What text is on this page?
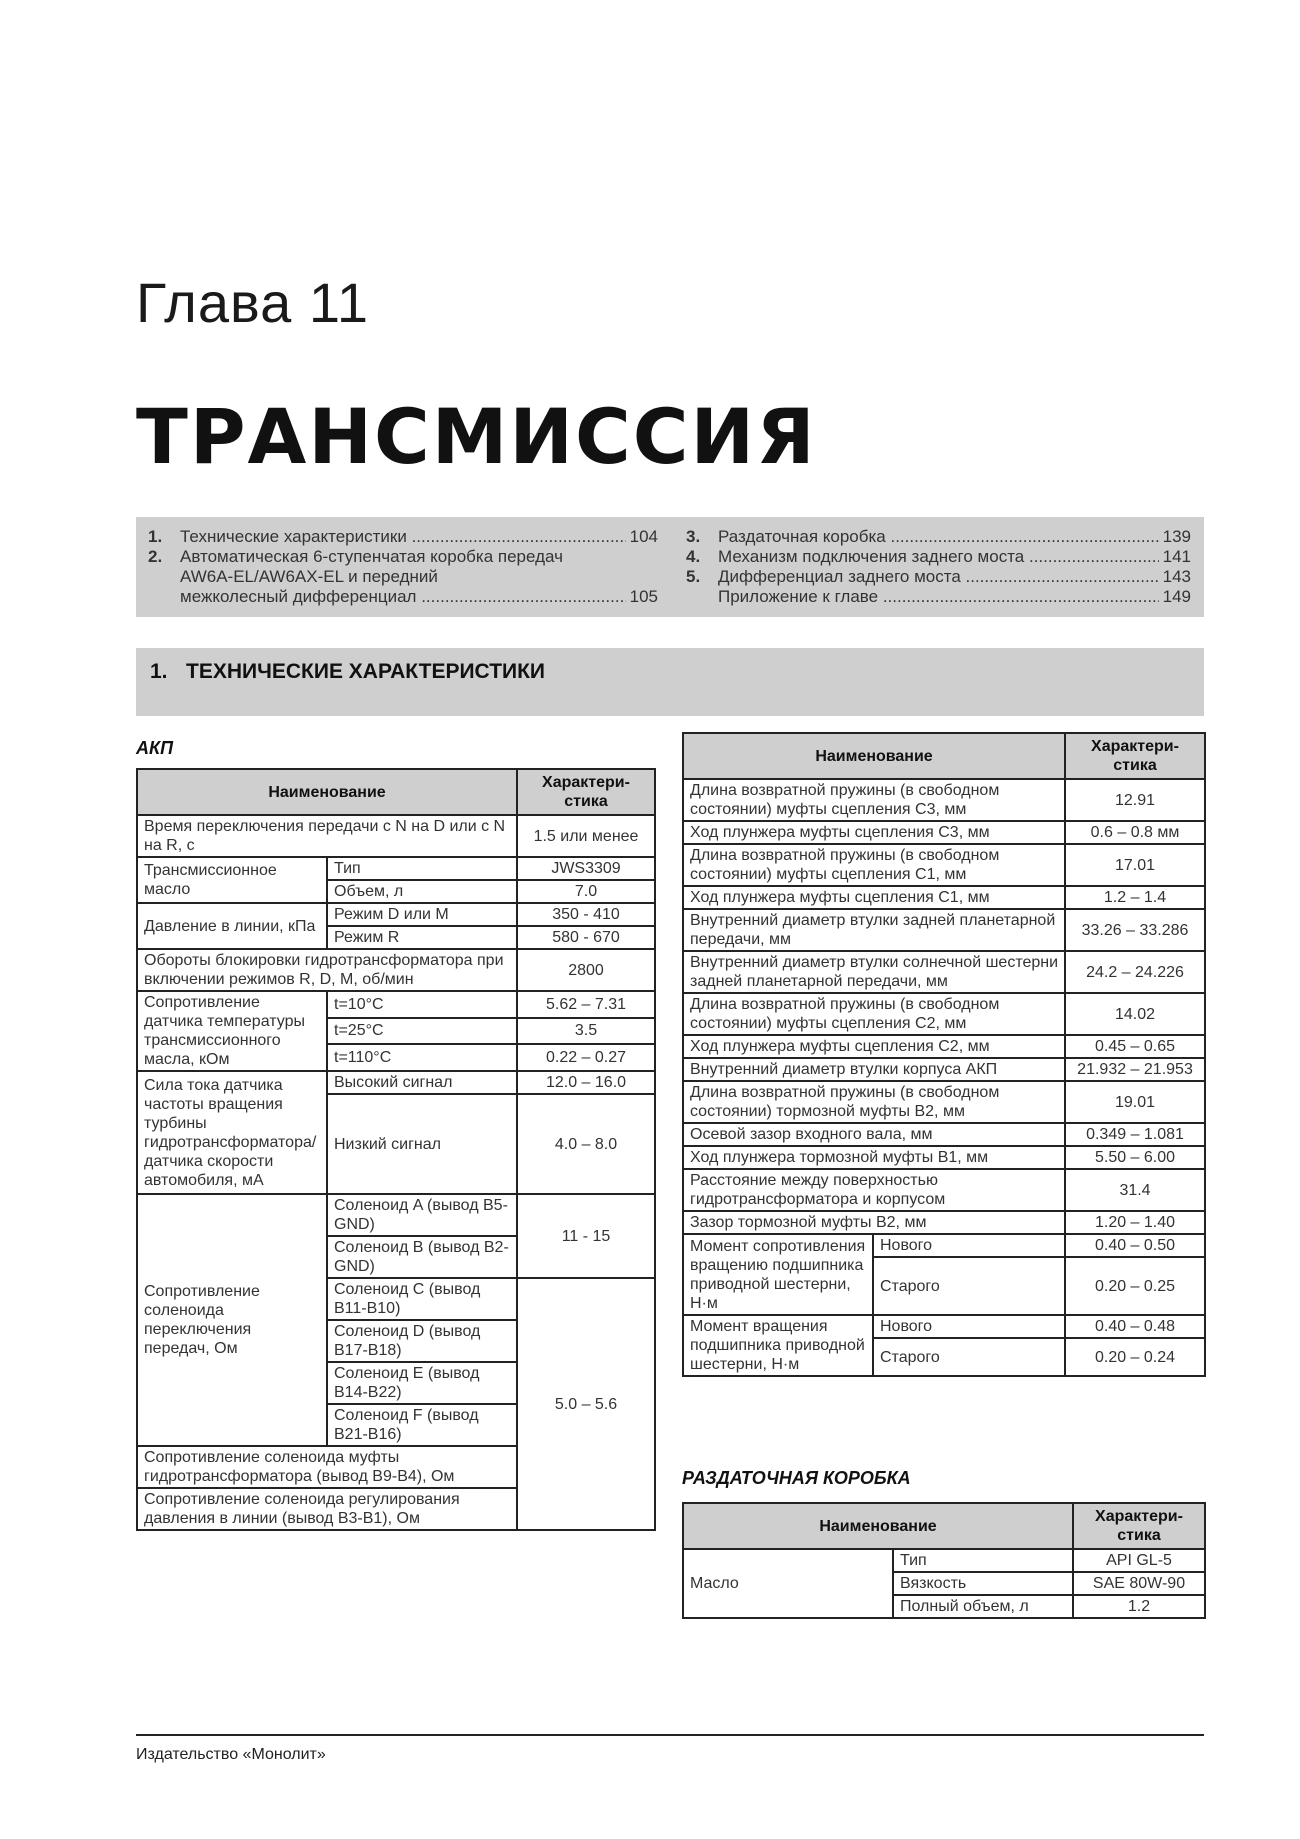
Глава 11
ТРАНСМИССИЯ
1.	Технические характеристики .....	104
2.	Автоматическая 6-ступенчатая коробка передач
AW6A-EL/AW6AX-EL и передний
межколесный дифференциал .....	105
3.	Раздаточная коробка .....	139
4.	Механизм подключения заднего моста .....	141
5.	Дифференциал заднего моста .....	143
Приложение к главе .....	149
1. ТЕХНИЧЕСКИЕ ХАРАКТЕРИСТИКИ
АКП
Наименование		Характери-стика
Время переключения передачи с N на D или с N на R, с		1.5 или менее
Трансмиссионное масло	Тип	JWS3309
	Объем, л	7.0
Давление в линии, кПа	Режим D или M	350 - 410
	Режим R	580 - 670
Обороты блокировки гидротрансформатора при включении режимов R, D, M, об/мин		2800
Сопротивление датчика температуры трансмиссионного масла, кОм	t=10°C	5.62 – 7.31
	t=25°C	3.5
	t=110°C	0.22 – 0.27
Сила тока датчика частоты вращения турбины гидротрансформатора/ датчика скорости автомобиля, мА	Высокий сигнал	12.0 – 16.0
	Низкий сигнал	4.0 – 8.0
Сопротивление соленоида переключения передач, Ом	Соленоид A (вывод B5-GND)	11 - 15
	Соленоид B (вывод B2-GND)	
	Соленоид C (вывод B11-B10)	5.0 – 5.6
	Соленоид D (вывод B17-B18)	
	Соленоид E (вывод B14-B22)	
	Соленоид F (вывод B21-B16)	
Сопротивление соленоида муфты гидротрансформатора (вывод B9-B4), Ом		
Сопротивление соленоида регулирования давления в линии (вывод B3-B1), Ом		
Наименование		Характери-стика
Длина возвратной пружины (в свободном состоянии) муфты сцепления C3, мм		12.91
Ход плунжера муфты сцепления C3, мм		0.6 – 0.8 мм
Длина возвратной пружины (в свободном состоянии) муфты сцепления C1, мм		17.01
Ход плунжера муфты сцепления C1, мм		1.2 – 1.4
Внутренний диаметр втулки задней планетарной передачи, мм		33.26 – 33.286
Внутренний диаметр втулки солнечной шестерни задней планетарной передачи, мм		24.2 – 24.226
Длина возвратной пружины (в свободном состоянии) муфты сцепления C2, мм		14.02
Ход плунжера муфты сцепления C2, мм		0.45 – 0.65
Внутренний диаметр втулки корпуса АКП		21.932 – 21.953
Длина возвратной пружины (в свободном состоянии) тормозной муфты B2, мм		19.01
Осевой зазор входного вала, мм		0.349 – 1.081
Ход плунжера тормозной муфты B1, мм		5.50 – 6.00
Расстояние между поверхностью гидротрансформатора и корпусом		31.4
Зазор тормозной муфты B2, мм		1.20 – 1.40
Момент сопротивления вращению подшипника приводной шестерни, Н·м	Нового	0.40 – 0.50
	Старого	0.20 – 0.25
Момент вращения подшипника приводной шестерни, Н·м	Нового	0.40 – 0.48
	Старого	0.20 – 0.24
РАЗДАТОЧНАЯ КОРОБКА
Наименование		Характери-стика
Масло	Тип	API GL-5
	Вязкость	SAE 80W-90
	Полный объем, л	1.2
Издательство «Монолит»
